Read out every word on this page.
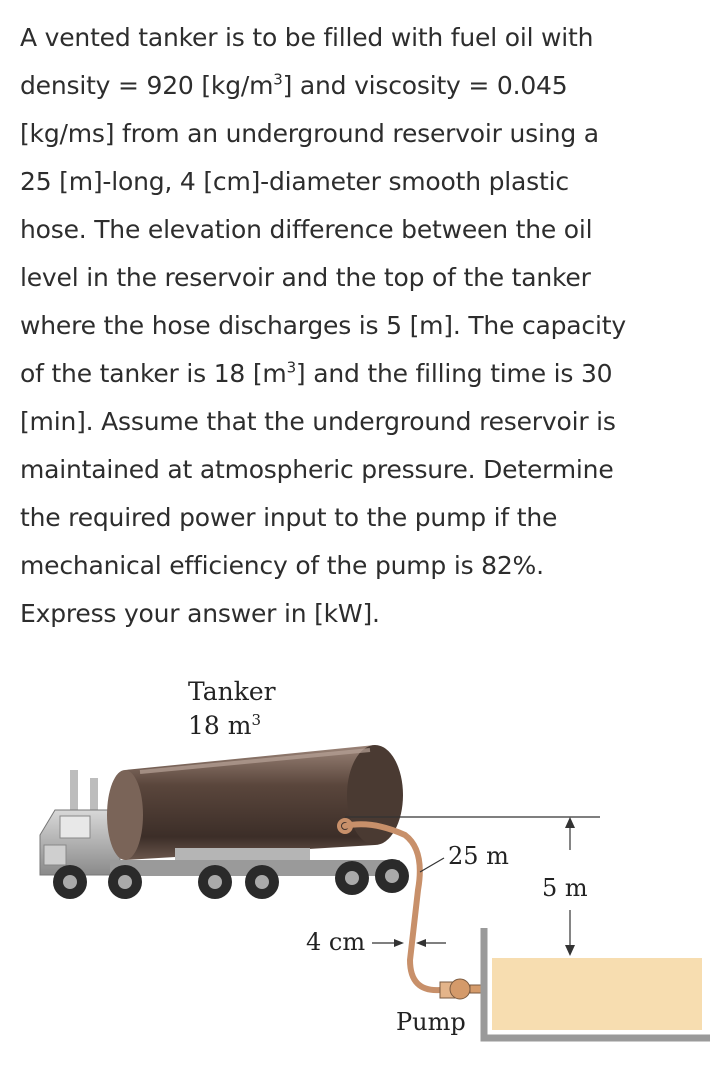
A vented tanker is to be filled with fuel oil with
density = 920 $[kg/m^3]$ and viscosity = 0.045
[kg/ms] from an underground reservoir using a
25 [m]-long, 4 [cm]-diameter smooth plastic
hose. The elevation difference between the oil
level in the reservoir and the top of the tanker
where the hose discharges is 5 [m]. The capacity
of the tanker is 18 $[m^3]$ and the filling time is 30
[min]. Assume that the underground reservoir is
maintained at atmospheric pressure. Determine
the required power input to the pump if the
mechanical efficiency of the pump is 82%.
Express your answer in [kW].

Tanker
18 $m^3$
Pump
5 m
25 m
4 cm
